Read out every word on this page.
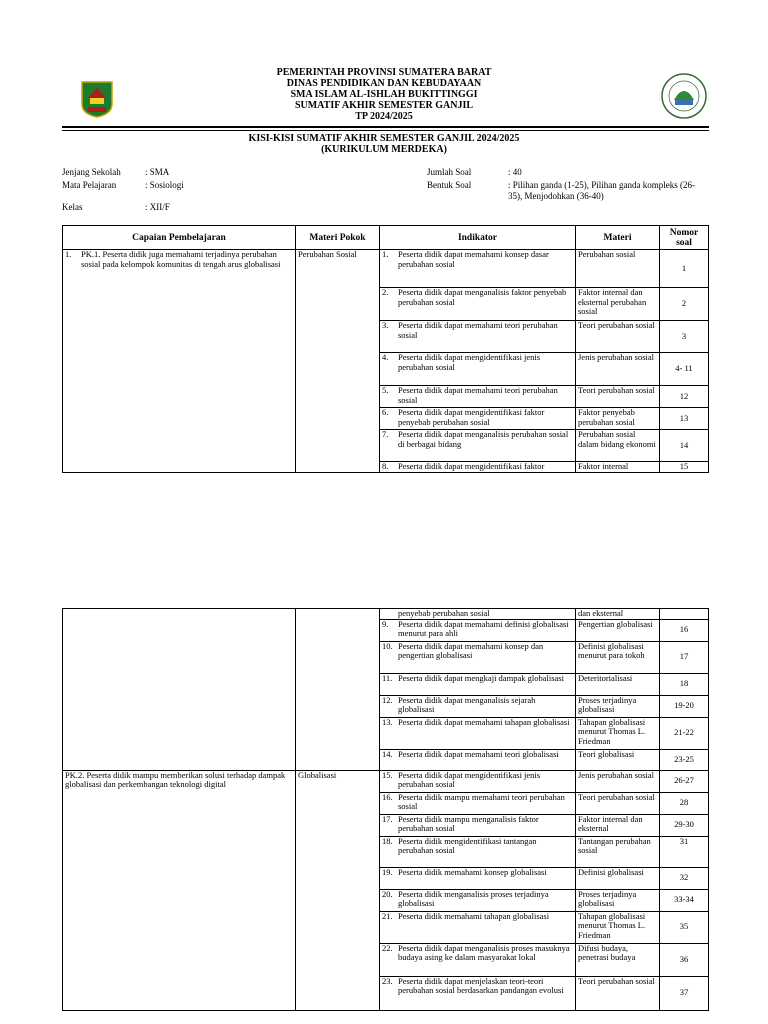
PEMERINTAH PROVINSI SUMATERA BARAT
DINAS PENDIDIKAN DAN KEBUDAYAAN
SMA ISLAM AL-ISHLAH BUKITTINGGI
SUMATIF AKHIR SEMESTER GANJIL
TP 2024/2025
KISI-KISI SUMATIF AKHIR SEMESTER GANJIL 2024/2025
(KURIKULUM MERDEKA)
Jenjang Sekolah	: SMA
Mata Pelajaran	: Sosiologi
Kelas	: XII/F
Jumlah Soal	: 40
Bentuk Soal	: Pilihan ganda (1-25), Pilihan ganda kompleks (26-35), Menjodohkan (36-40)
Capaian Pembelajaran	Materi Pokok	Indikator	Materi	Nomor soal

1. PK.1. Peserta didik juga memahami terjadinya perubahan sosial pada kelompok komunitas di tengah arus globalisasi	Perubahan Sosial	1. Peserta didik dapat memahami konsep dasar perubahan sosial	Perubahan sosial	1

		2. Peserta didik dapat menganalisis faktor penyebab perubahan sosial	Faktor internal dan eksternal perubahan sosial	2

		3. Peserta didik dapat memahami teori perubahan sosial	Teori perubahan sosial	3

		4. Peserta didik dapat mengidentifikasi jenis perubahan sosial	Jenis perubahan sosial	4- 11

		5. Peserta didik dapat memahami teori perubahan sosial	Teori perubahan sosial	12

		6. Peserta didik dapat mengidentifikasi faktor penyebab perubahan sosial	Faktor penyebab perubahan sosial	13

		7. Peserta didik dapat menganalisis perubahan sosial di berbagai bidang	Perubahan sosial dalam bidang ekonomi	14

		8. Peserta didik dapat mengidentifikasi faktor	Faktor internal	15
		penyebab perubahan sosial	dan eksternal	

		9. Peserta didik dapat memahami definisi globalisasi menurut para ahli	Pengertian globalisasi	16

		10. Peserta didik dapat memahami konsep dan pengertian globalisasi	Definisi globalisasi menurut para tokoh	17

		11. Peserta didik dapat mengkaji dampak globalisasi	Deteritorialisasi	18

		12. Peserta didik dapat menganalisis sejarah globalisasi	Proses terjadinya globalisasi	19-20

		13. Peserta didik dapat memahami tahapan globalisasi	Tahapan globalisasi menurut Thomas L. Friedman	21-22

		14. Peserta didik dapat memahami teori globalisasi	Teori globalisasi	23-25
PK.2. Peserta didik mampu memberikan solusi terhadap dampak globalisasi dan perkembangan teknologi digital	Globalisasi	15. Peserta didik dapat mengidentifikasi jenis perubahan sosial	Jenis perubahan sosial	26-27

		16. Peserta didik mampu memahami teori perubahan sosial	Teori perubahan sosial	28

		17. Peserta didik mampu menganalisis faktor perubahan sosial	Faktor internal dan eksternal	29-30

		18. Peserta didik mengidentifikasi tantangan perubahan sosial	Tantangan perubahan sosial	31

		19. Peserta didik memahami konsep globalisasi	Definisi globalisasi	32

		20. Peserta didik menganalisis proses terjadinya globalisasi	Proses terjadinya globalisasi	33-34

		21. Peserta didik memahami tahapan globalisasi	Tahapan globalisasi menurut Thomas L. Friedman	35

		22. Peserta didik dapat menganalisis proses masuknya budaya asing ke dalam masyarakat lokal	Difusi budaya, penetrasi budaya	36

		23. Peserta didik dapat menjelaskan teori-teori perubahan sosial berdasarkan pandangan evolusi	Teori perubahan sosial	37
